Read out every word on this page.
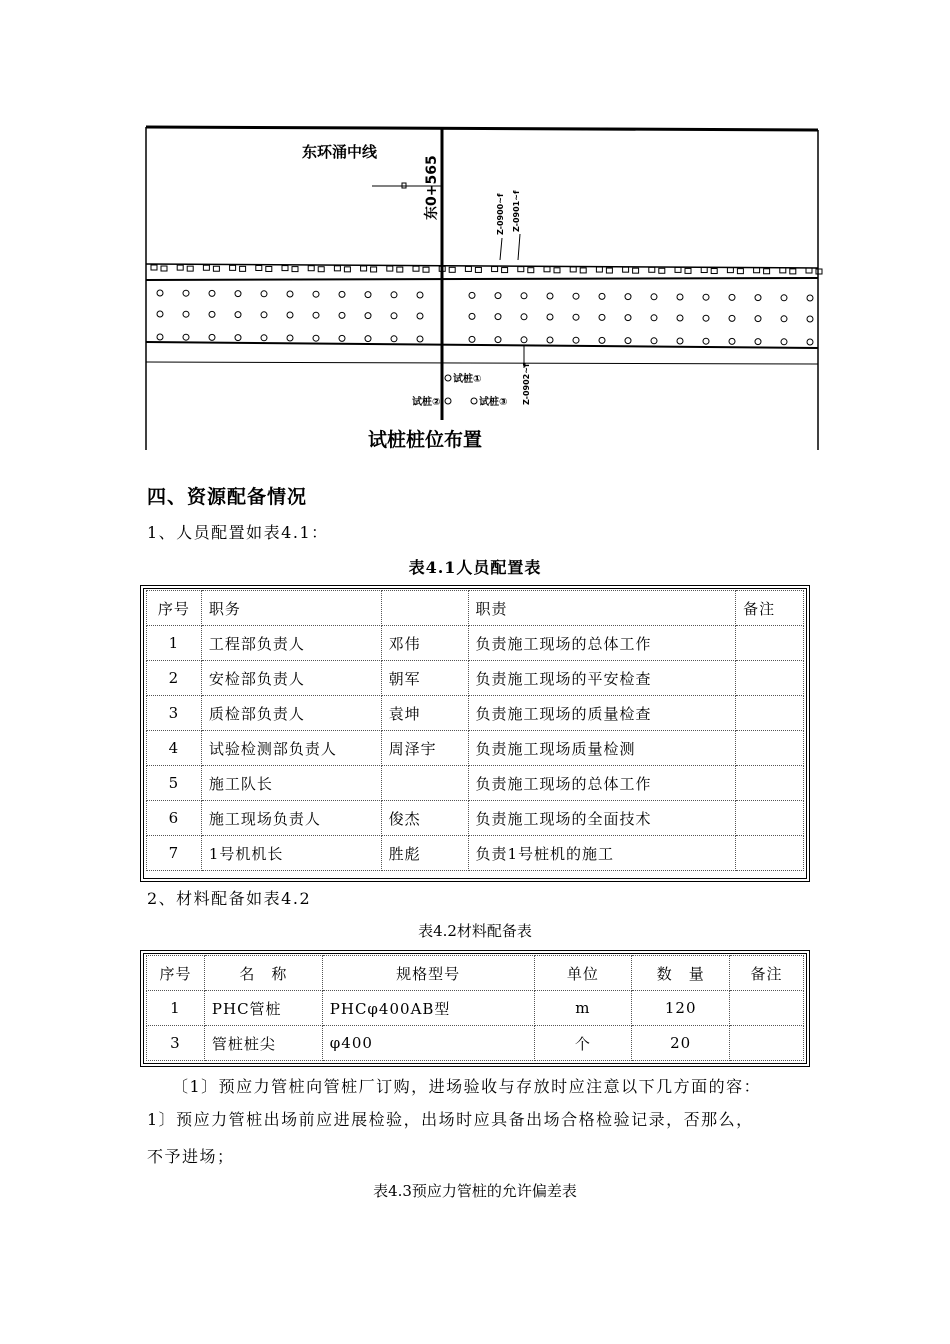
东环涌中线
东0+565	Z-0900~f Z-0901~f
Z-0902~f
试桩①
试桩②	试桩③
试桩桩位布置
四、资源配备情况
1、人员配置如表4.1：
表4.1人员配置表
序号	职务		职责	备注
1	工程部负责人	邓伟	负责施工现场的总体工作	
2	安检部负责人	朝军	负责施工现场的平安检查	
3	质检部负责人	袁坤	负责施工现场的质量检查	
4	试验检测部负责人	周泽宇	负责施工现场质量检测	
5	施工队长		负责施工现场的总体工作	
6	施工现场负责人	俊杰	负责施工现场的全面技术	
7	1号机机长	胜彪	负责1号桩机的施工	
2、材料配备如表4.2
表4.2材料配备表
序号	名　称	规格型号	单位	数　量	备注
1	PHC管桩	PHCφ400AB型	m	120	
3	管桩桩尖	φ400	个	20	
〔1〕预应力管桩向管桩厂订购，进场验收与存放时应注意以下几方面的容：
1〕预应力管桩出场前应进展检验，出场时应具备出场合格检验记录，否那么，
不予进场；
表4.3预应力管桩的允许偏差表
